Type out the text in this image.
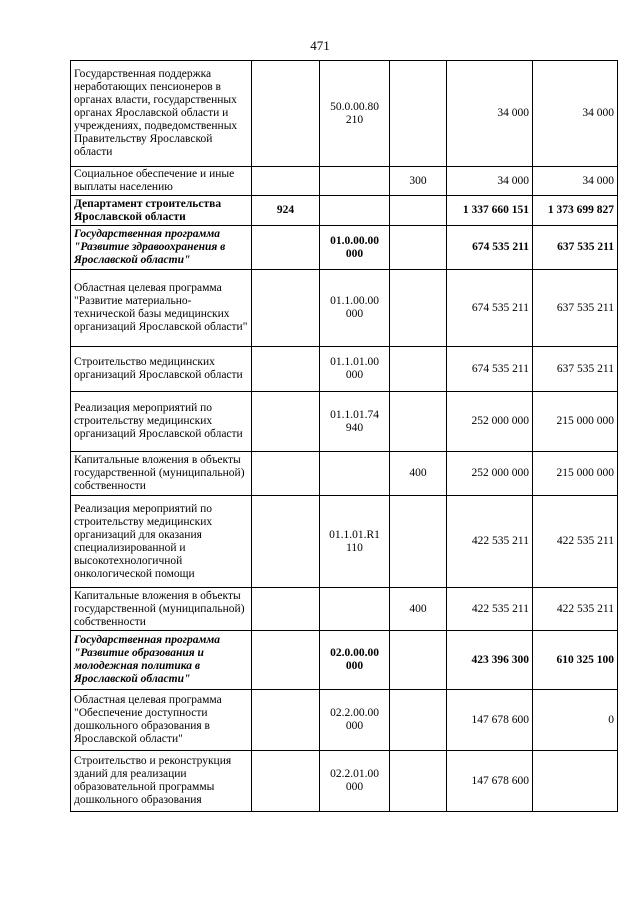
471
Государственная поддержка неработающих пенсионеров в органах власти, государственных органах Ярославской области и учреждениях, подведомственных Правительству Ярославской области		50.0.00.80 210		34 000	34 000
Социальное обеспечение и иные выплаты населению			300	34 000	34 000
Департамент строительства Ярославской области	924			1 337 660 151	1 373 699 827
Государственная программа "Развитие здравоохранения в Ярославской области"		01.0.00.00 000		674 535 211	637 535 211
Областная целевая программа "Развитие материально-технической базы медицинских организаций Ярославской области"		01.1.00.00 000		674 535 211	637 535 211
Строительство медицинских организаций Ярославской области		01.1.01.00 000		674 535 211	637 535 211
Реализация мероприятий по строительству медицинских организаций Ярославской области		01.1.01.74 940		252 000 000	215 000 000
Капитальные вложения в объекты государственной (муниципальной) собственности			400	252 000 000	215 000 000
Реализация мероприятий по строительству медицинских организаций для оказания специализированной и высокотехнологичной онкологической помощи		01.1.01.R1 110		422 535 211	422 535 211
Капитальные вложения в объекты государственной (муниципальной) собственности			400	422 535 211	422 535 211
Государственная программа "Развитие образования и молодежная политика в Ярославской области"		02.0.00.00 000		423 396 300	610 325 100
Областная целевая программа "Обеспечение доступности дошкольного образования в Ярославской области"		02.2.00.00 000		147 678 600	0
Строительство и реконструкция зданий для реализации образовательной программы дошкольного образования		02.2.01.00 000		147 678 600	
